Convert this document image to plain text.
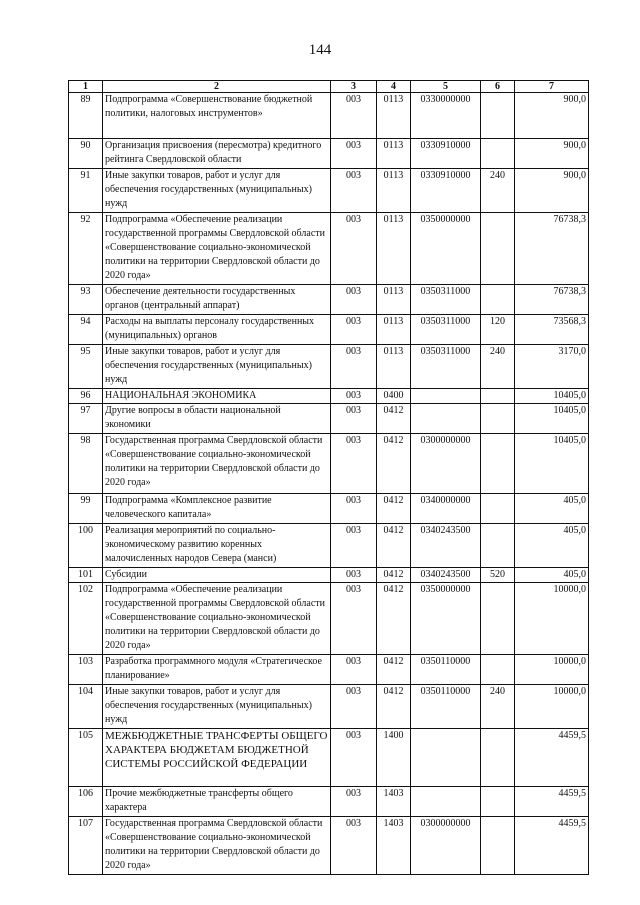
144
1	2	3	4	5	6	7
89	Подпрограмма «Совершенствование бюджетной политики, налоговых инструментов»	003	0113	0330000000		900,0
90	Организация присвоения (пересмотра) кредитного рейтинга Свердловской области	003	0113	0330910000		900,0
91	Иные закупки товаров, работ и услуг для обеспечения государственных (муниципальных) нужд	003	0113	0330910000	240	900,0
92	Подпрограмма «Обеспечение реализации государственной программы Свердловской области «Совершенствование социально-экономической политики на территории Свердловской области до 2020 года»	003	0113	0350000000		76738,3
93	Обеспечение деятельности государственных органов (центральный аппарат)	003	0113	0350311000		76738,3
94	Расходы на выплаты персоналу государственных (муниципальных) органов	003	0113	0350311000	120	73568,3
95	Иные закупки товаров, работ и услуг для обеспечения государственных (муниципальных) нужд	003	0113	0350311000	240	3170,0
96	НАЦИОНАЛЬНАЯ ЭКОНОМИКА	003	0400			10405,0
97	Другие вопросы в области национальной экономики	003	0412			10405,0
98	Государственная программа Свердловской области «Совершенствование социально-экономической политики на территории Свердловской области до 2020 года»	003	0412	0300000000		10405,0
99	Подпрограмма «Комплексное развитие человеческого капитала»	003	0412	0340000000		405,0
100	Реализация мероприятий по социально-экономическому развитию коренных малочисленных народов Севера (манси)	003	0412	0340243500		405,0
101	Субсидии	003	0412	0340243500	520	405,0
102	Подпрограмма «Обеспечение реализации государственной программы Свердловской области «Совершенствование социально-экономической политики на территории Свердловской области до 2020 года»	003	0412	0350000000		10000,0
103	Разработка программного модуля «Стратегическое планирование»	003	0412	0350110000		10000,0
104	Иные закупки товаров, работ и услуг для обеспечения государственных (муниципальных) нужд	003	0412	0350110000	240	10000,0
105	МЕЖБЮДЖЕТНЫЕ ТРАНСФЕРТЫ ОБЩЕГО ХАРАКТЕРА БЮДЖЕТАМ БЮДЖЕТНОЙ СИСТЕМЫ РОССИЙСКОЙ ФЕДЕРАЦИИ	003	1400			4459,5
106	Прочие межбюджетные трансферты общего характера	003	1403			4459,5
107	Государственная программа Свердловской области «Совершенствование социально-экономической политики на территории Свердловской области до 2020 года»	003	1403	0300000000		4459,5
